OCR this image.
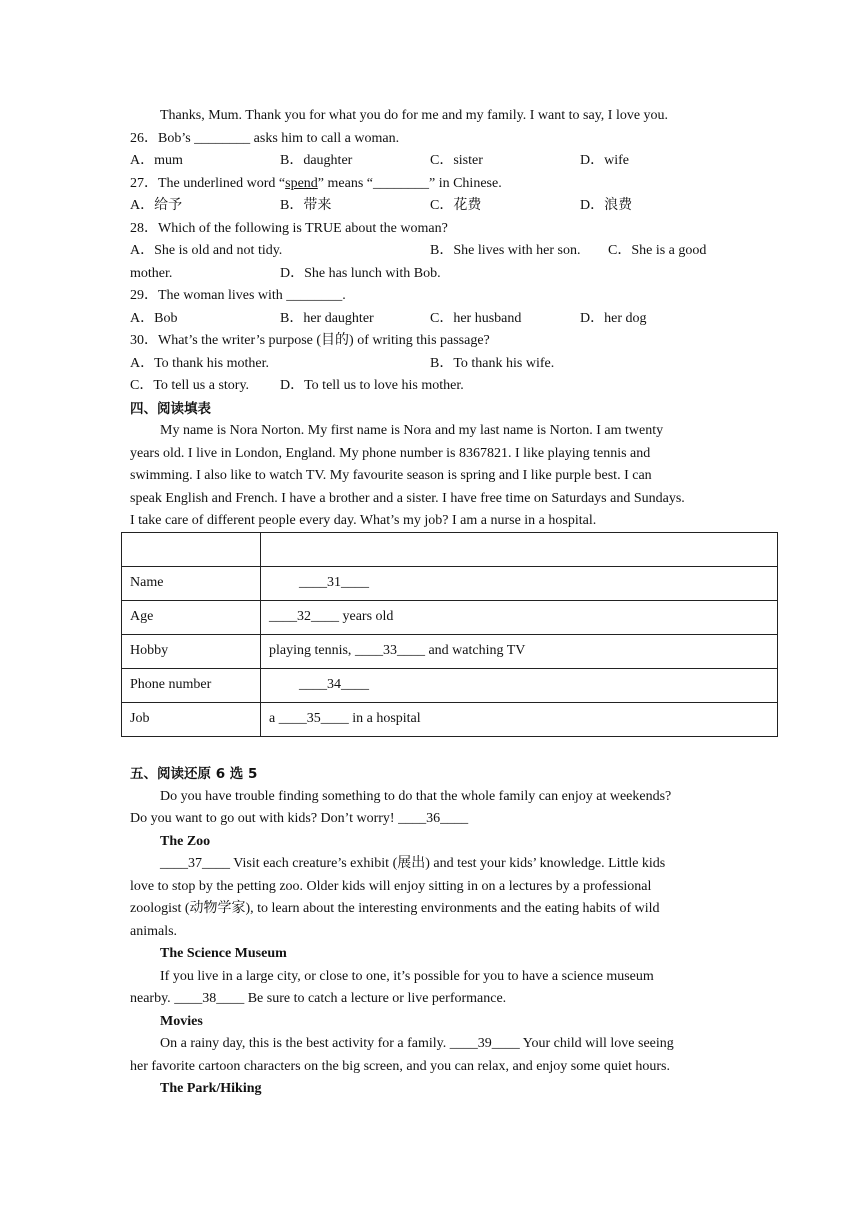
Thanks, Mum. Thank you for what you do for me and my family. I want to say, I love you.
26．Bob’s ________ asks him to call a woman.
A．mum	B．daughter	C．sister	D．wife
27．The underlined word “spend” means “________” in Chinese.
A．给予	B．带来	C．花费	D．浪费
28．Which of the following is TRUE about the woman?
A．She is old and not tidy.	B．She lives with her son. C．She is a good
mother.	D．She has lunch with Bob.
29．The woman lives with ________.
A．Bob	B．her daughter	C．her husband	D．her dog
30．What’s the writer’s purpose (目的) of writing this passage?
A．To thank his mother.	B．To thank his wife.
C．To tell us a story. D．To tell us to love his mother.
四、阅读填表
My name is Nora Norton. My first name is Nora and my last name is Norton. I am twenty
years old. I live in London, England. My phone number is 8367821. I like playing tennis and
swimming. I also like to watch TV. My favourite season is spring and I like purple best. I can
speak English and French. I have a brother and a sister. I have free time on Saturdays and Sundays.
I take care of different people every day. What’s my job? I am a nurse in a hospital.

Name	____31____
Age	____32____ years old
Hobby	playing tennis, ____33____ and watching TV
Phone number	____34____
Job	a ____35____ in a hospital
五、阅读还原 6 选 5
Do you have trouble finding something to do that the whole family can enjoy at weekends?
Do you want to go out with kids? Don’t worry! ____36____
The Zoo
____37____ Visit each creature’s exhibit (展出) and test your kids’ knowledge. Little kids
love to stop by the petting zoo. Older kids will enjoy sitting in on a lectures by a professional
zoologist (动物学家), to learn about the interesting environments and the eating habits of wild
animals.
The Science Museum
If you live in a large city, or close to one, it’s possible for you to have a science museum
nearby. ____38____ Be sure to catch a lecture or live performance.
Movies
On a rainy day, this is the best activity for a family. ____39____ Your child will love seeing
her favorite cartoon characters on the big screen, and you can relax, and enjoy some quiet hours.
The Park/Hiking
